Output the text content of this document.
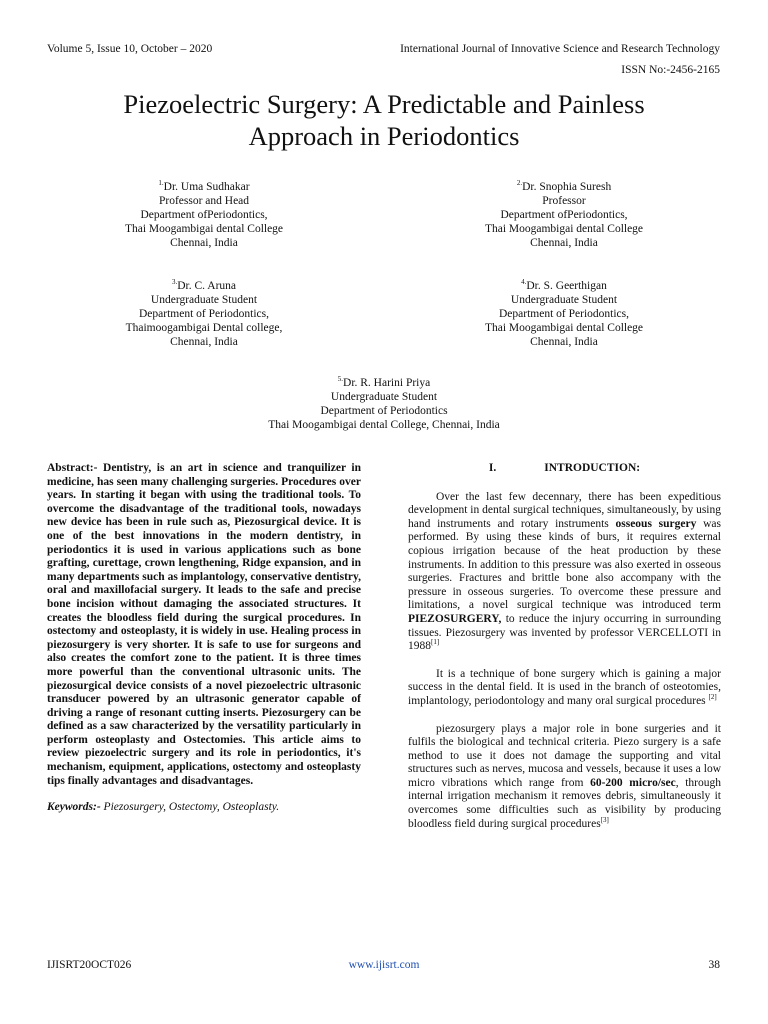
Volume 5, Issue 10, October – 2020	International Journal of Innovative Science and Research Technology
ISSN No:-2456-2165
Piezoelectric Surgery: A Predictable and Painless
Approach in Periodontics
$^{1.}$Dr. Uma Sudhakar
Professor and Head
Department ofPeriodontics,
Thai Moogambigai dental College
Chennai, India
$^{2.}$Dr. Snophia Suresh
Professor
Department ofPeriodontics,
Thai Moogambigai dental College
Chennai, India
$^{3.}$Dr. C. Aruna
Undergraduate Student
Department of Periodontics,
Thaimoogambigai Dental college,
Chennai, India
$^{4.}$Dr. S. Geerthigan
Undergraduate Student
Department of Periodontics,
Thai Moogambigai dental College
Chennai, India
$^{5.}$Dr. R. Harini Priya
Undergraduate Student
Department of Periodontics
Thai Moogambigai dental College, Chennai, India
Abstract:- Dentistry, is an art in science and tranquilizer in medicine, has seen many challenging surgeries. Procedures over years. In starting it began with using the traditional tools. To overcome the disadvantage of the traditional tools, nowadays new device has been in rule such as, Piezosurgical device. It is one of the best innovations in the modern dentistry, in periodontics it is used in various applications such as bone grafting, curettage, crown lengthening, Ridge expansion, and in many departments such as implantology, conservative dentistry, oral and maxillofacial surgery. It leads to the safe and precise bone incision without damaging the associated structures. It creates the bloodless field during the surgical procedures. In ostectomy and osteoplasty, it is widely in use. Healing process in piezosurgery is very shorter. It is safe to use for surgeons and also creates the comfort zone to the patient. It is three times more powerful than the conventional ultrasonic units. The piezosurgical device consists of a novel piezoelectric ultrasonic transducer powered by an ultrasonic generator capable of driving a range of resonant cutting inserts. Piezosurgery can be defined as a saw characterized by the versatility particularly in perform osteoplasty and Ostectomies. This article aims to review piezoelectric surgery and its role in periodontics, it's mechanism, equipment, applications, ostectomy and osteoplasty tips finally advantages and disadvantages.
Keywords:- Piezosurgery, Ostectomy, Osteoplasty.
I.	INTRODUCTION:

Over the last few decennary, there has been expeditious development in dental surgical techniques, simultaneously, by using hand instruments and rotary instruments osseous surgery was performed. By using these kinds of burs, it requires external copious irrigation because of the heat production by these instruments. In addition to this pressure was also exerted in osseous surgeries. Fractures and brittle bone also accompany with the pressure in osseous surgeries. To overcome these pressure and limitations, a novel surgical technique was introduced term PIEZOSURGERY, to reduce the injury occurring in surrounding tissues. Piezosurgery was invented by professor VERCELLOTI in 1988[1]

It is a technique of bone surgery which is gaining a major success in the dental field. It is used in the branch of osteotomies, implantology, periodontology and many oral surgical procedures [2]

piezosurgery plays a major role in bone surgeries and it fulfils the biological and technical criteria. Piezo surgery is a safe method to use it does not damage the supporting and vital structures such as nerves, mucosa and vessels, because it uses a low micro vibrations which range from 60-200 micro/sec, through internal irrigation mechanism it removes debris, simultaneously it overcomes some difficulties such as visibility by producing bloodless field during surgical procedures[3]

IJISRT20OCT026	www.ijisrt.com	38
